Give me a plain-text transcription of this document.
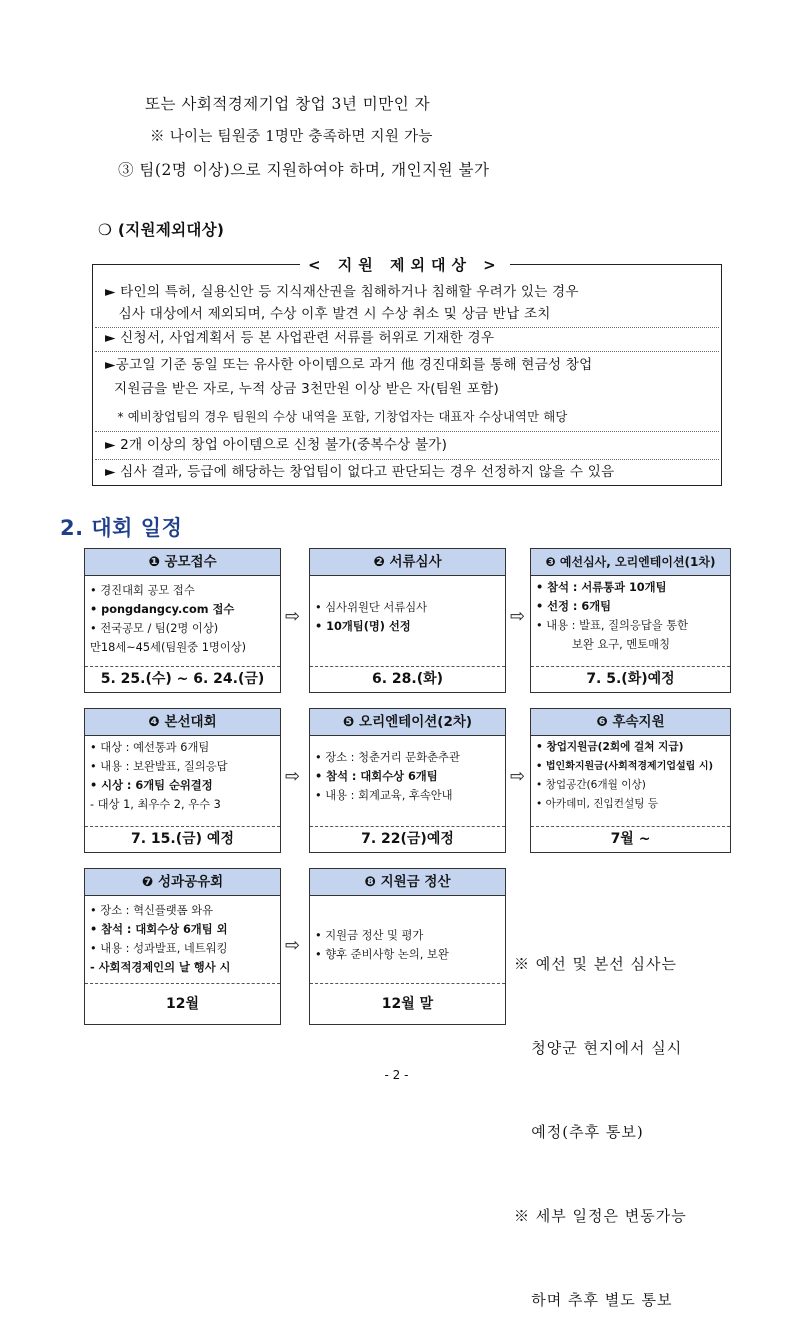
또는 사회적경제기업 창업 3년 미만인 자
※ 나이는 팀원중 1명만 충족하면 지원 가능
③ 팀(2명 이상)으로 지원하여야 하며, 개인지원 불가
❍ (지원제외대상)
► 타인의 특허, 실용신안 등 지식재산권을 침해하거나 침해할 우려가 있는 경우
심사 대상에서 제외되며, 수상 이후 발견 시 수상 취소 및 상금 반납 조치
► 신청서, 사업계획서 등 본 사업관련 서류를 허위로 기재한 경우
►공고일 기준 동일 또는 유사한 아이템으로 과거 他 경진대회를 통해 현금성 창업
지원금을 받은 자로, 누적 상금 3천만원 이상 받은 자(팀원 포함)
* 예비창업팀의 경우 팀원의 수상 내역을 포함, 기창업자는 대표자 수상내역만 해당
► 2개 이상의 창업 아이템으로 신청 불가(중복수상 불가)
► 심사 결과, 등급에 해당하는 창업팀이 없다고 판단되는 경우 선정하지 않을 수 있음
< 지원 제외대상 >
2. 대회 일정
❶ 공모접수
• 경진대회 공모 접수
• pongdangcy.com 접수
• 전국공모 / 팀(2명 이상)
만18세~45세(팀원중 1명이상)
5. 25.(수) ~ 6. 24.(금)
⇨
❷ 서류심사
• 심사위원단 서류심사
• 10개팀(명) 선정
6. 28.(화)
⇨
❸ 예선심사, 오리엔테이션(1차)
• 참석 : 서류통과 10개팀
• 선정 : 6개팀
• 내용 : 발표, 질의응답을 통한
보완 요구, 멘토매칭
7. 5.(화)예정
❹ 본선대회
• 대상 : 예선통과 6개팀
• 내용 : 보완발표, 질의응답
• 시상 : 6개팀 순위결정
- 대상 1, 최우수 2, 우수 3
7. 15.(금) 예정
⇨
❺ 오리엔테이션(2차)
• 장소 : 청춘거리 문화춘추관
• 참석 : 대회수상 6개팀
• 내용 : 회계교육, 후속안내
7. 22(금)예정
⇨
❻ 후속지원
• 창업지원금(2회에 걸쳐 지급)
• 법인화지원금(사회적경제기업설립 시)
• 창업공간(6개월 이상)
• 아카데미, 진입컨설팅 등
7월 ~
❼ 성과공유회
• 장소 : 혁신플랫폼 와유
• 참석 : 대회수상 6개팀 외
• 내용 : 성과발표, 네트워킹
- 사회적경제인의 날 행사 시
12월
⇨
❽ 지원금 정산
• 지원금 정산 및 평가
• 향후 준비사항 논의, 보완
12월 말

※ 예선 및 본선 심사는

청양군 현지에서 실시

예정(추후 통보)

※ 세부 일정은 변동가능

하며 추후 별도 통보

- 2 -
